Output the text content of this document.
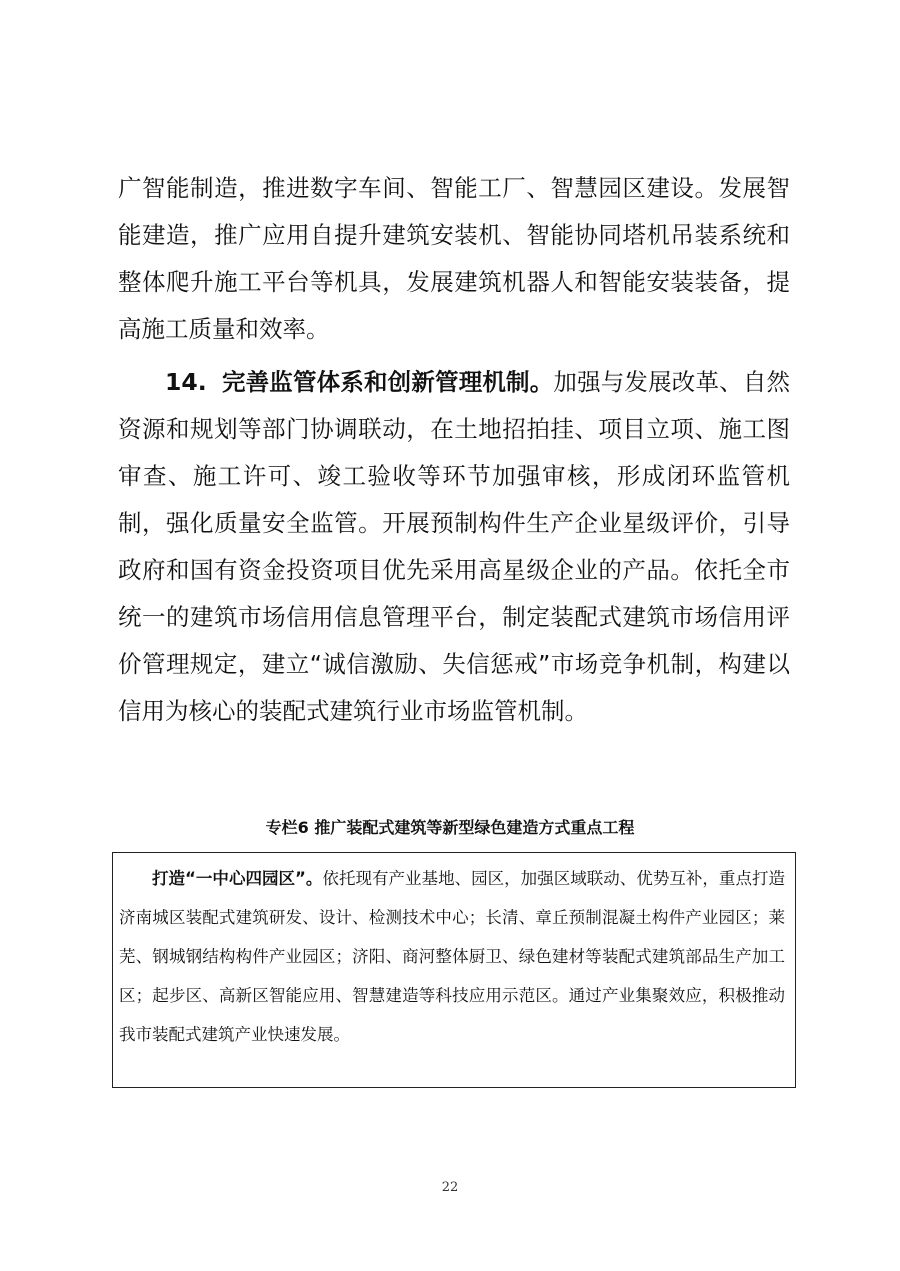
广智能制造，推进数字车间、智能工厂、智慧园区建设。发展智能建造，推广应用自提升建筑安装机、智能协同塔机吊装系统和整体爬升施工平台等机具，发展建筑机器人和智能安装装备，提高施工质量和效率。

14. 完善监管体系和创新管理机制。加强与发展改革、自然资源和规划等部门协调联动，在土地招拍挂、项目立项、施工图审查、施工许可、竣工验收等环节加强审核，形成闭环监管机制，强化质量安全监管。开展预制构件生产企业星级评价，引导政府和国有资金投资项目优先采用高星级企业的产品。依托全市统一的建筑市场信用信息管理平台，制定装配式建筑市场信用评价管理规定，建立“诚信激励、失信惩戒”市场竞争机制，构建以信用为核心的装配式建筑行业市场监管机制。

专栏6 推广装配式建筑等新型绿色建造方式重点工程

打造“一中心四园区”。依托现有产业基地、园区，加强区域联动、优势互补，重点打造济南城区装配式建筑研发、设计、检测技术中心；长清、章丘预制混凝土构件产业园区；莱芜、钢城钢结构构件产业园区；济阳、商河整体厨卫、绿色建材等装配式建筑部品生产加工区；起步区、高新区智能应用、智慧建造等科技应用示范区。通过产业集聚效应，积极推动我市装配式建筑产业快速发展。

22
